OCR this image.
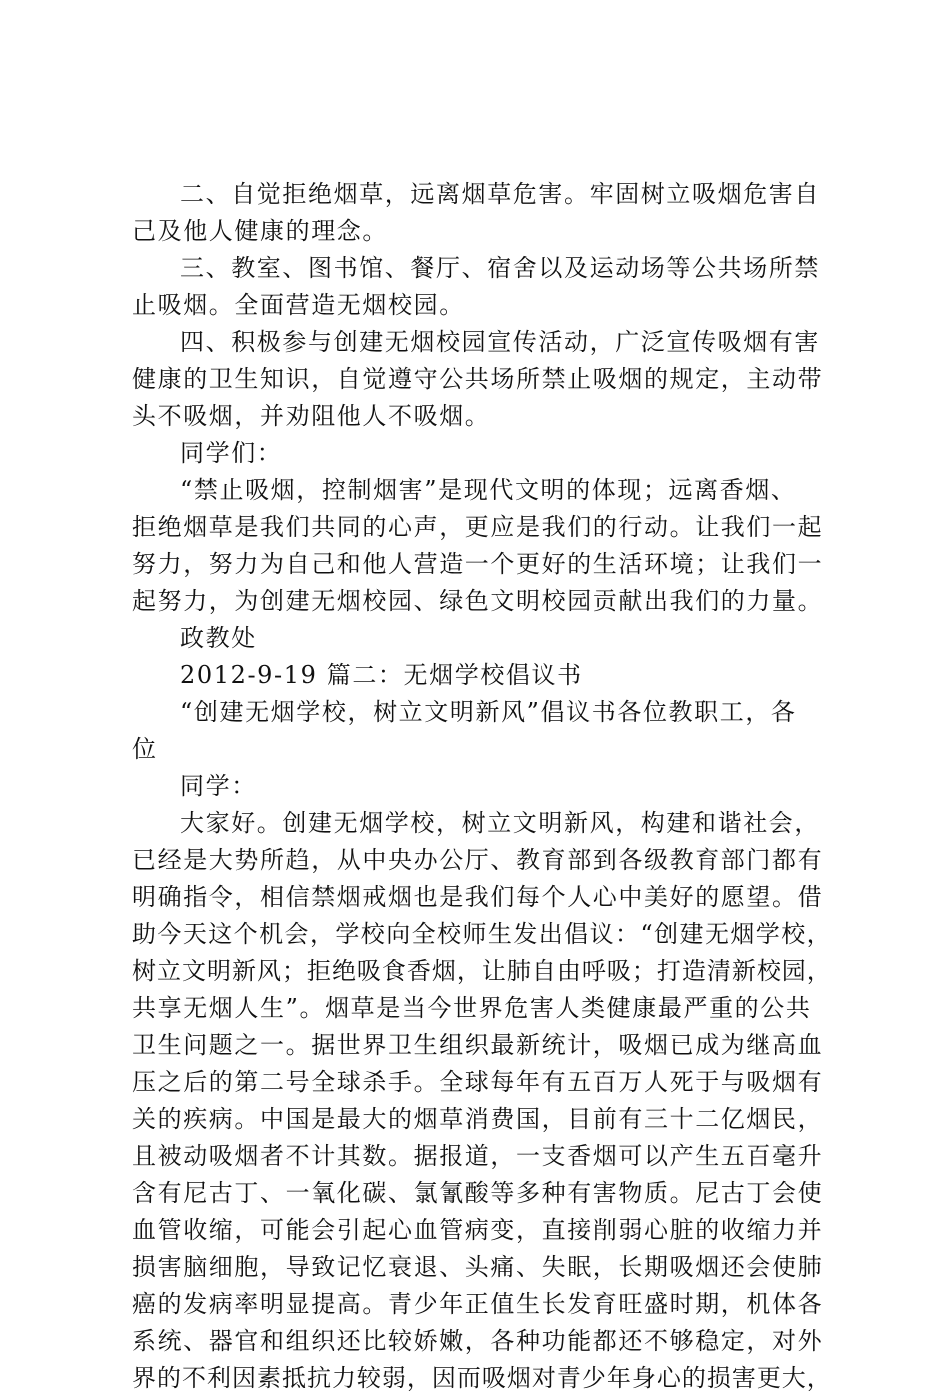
二、自觉拒绝烟草，远离烟草危害。牢固树立吸烟危害自
己及他人健康的理念。
三、教室、图书馆、餐厅、宿舍以及运动场等公共场所禁
止吸烟。全面营造无烟校园。
四、积极参与创建无烟校园宣传活动，广泛宣传吸烟有害
健康的卫生知识，自觉遵守公共场所禁止吸烟的规定，主动带
头不吸烟，并劝阻他人不吸烟。
同学们：
“禁止吸烟，控制烟害”是现代文明的体现；远离香烟、
拒绝烟草是我们共同的心声，更应是我们的行动。让我们一起
努力，努力为自己和他人营造一个更好的生活环境；让我们一
起努力，为创建无烟校园、绿色文明校园贡献出我们的力量。
政教处
2012-9-19 篇二：无烟学校倡议书
“创建无烟学校，树立文明新风”倡议书各位教职工，各
位
同学：
大家好。创建无烟学校，树立文明新风，构建和谐社会，
已经是大势所趋，从中央办公厅、教育部到各级教育部门都有
明确指令，相信禁烟戒烟也是我们每个人心中美好的愿望。借
助今天这个机会，学校向全校师生发出倡议：“创建无烟学校，
树立文明新风；拒绝吸食香烟，让肺自由呼吸；打造清新校园，
共享无烟人生”。烟草是当今世界危害人类健康最严重的公共
卫生问题之一。据世界卫生组织最新统计，吸烟已成为继高血
压之后的第二号全球杀手。全球每年有五百万人死于与吸烟有
关的疾病。中国是最大的烟草消费国，目前有三十二亿烟民，
且被动吸烟者不计其数。据报道，一支香烟可以产生五百毫升
含有尼古丁、一氧化碳、氯氰酸等多种有害物质。尼古丁会使
血管收缩，可能会引起心血管病变，直接削弱心脏的收缩力并
损害脑细胞，导致记忆衰退、头痛、失眠，长期吸烟还会使肺
癌的发病率明显提高。青少年正值生长发育旺盛时期，机体各
系统、器官和组织还比较娇嫩，各种功能都还不够稳定，对外
界的不利因素抵抗力较弱，因而吸烟对青少年身心的损害更大，
